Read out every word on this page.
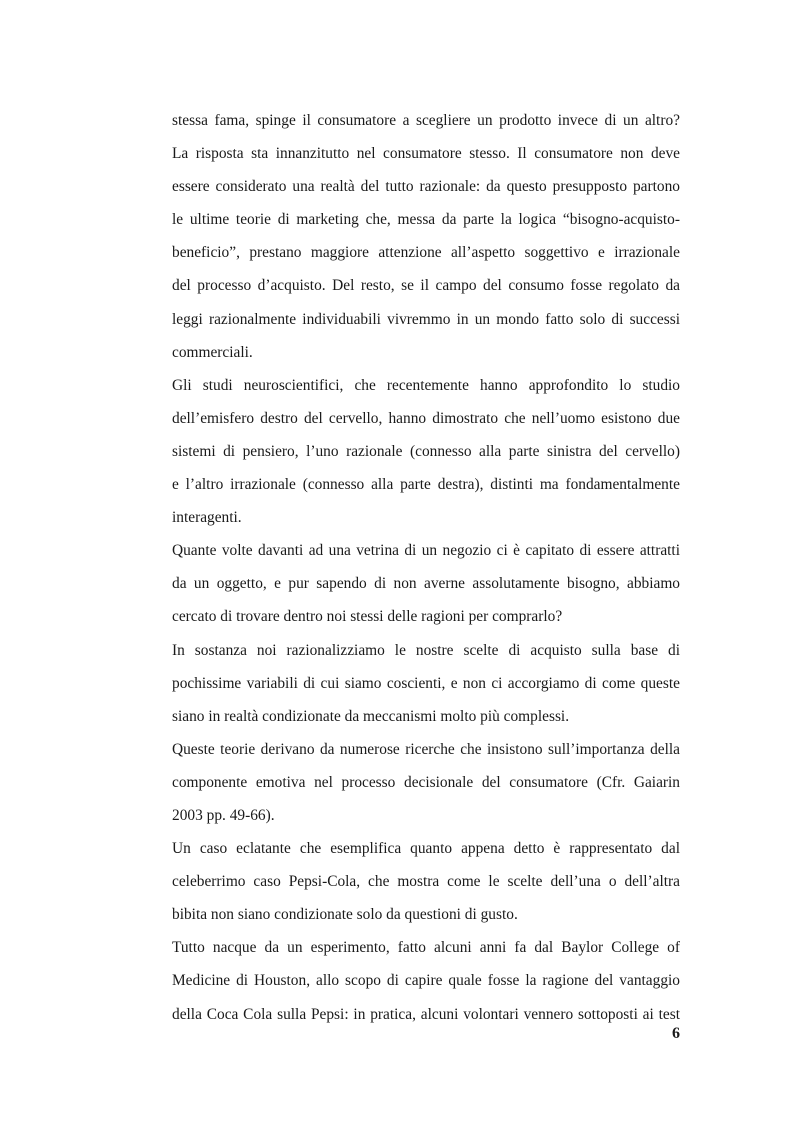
stessa fama, spinge il consumatore a scegliere un prodotto invece di un altro?
La risposta sta innanzitutto nel consumatore stesso. Il consumatore non deve
essere considerato una realtà del tutto razionale: da questo presupposto partono
le ultime teorie di marketing che, messa da parte la logica “bisogno-acquisto-
beneficio”, prestano maggiore attenzione all’aspetto soggettivo e irrazionale
del processo d’acquisto. Del resto, se il campo del consumo fosse regolato da
leggi razionalmente individuabili vivremmo in un mondo fatto solo di successi
commerciali.
Gli studi neuroscientifici, che recentemente hanno approfondito lo studio
dell’emisfero destro del cervello, hanno dimostrato che nell’uomo esistono due
sistemi di pensiero, l’uno razionale (connesso alla parte sinistra del cervello)
e l’altro irrazionale (connesso alla parte destra), distinti ma fondamentalmente
interagenti.
Quante volte davanti ad una vetrina di un negozio ci è capitato di essere attratti
da un oggetto, e pur sapendo di non averne assolutamente bisogno, abbiamo
cercato di trovare dentro noi stessi delle ragioni per comprarlo?
In sostanza noi razionalizziamo le nostre scelte di acquisto sulla base di
pochissime variabili di cui siamo coscienti, e non ci accorgiamo di come queste
siano in realtà condizionate da meccanismi molto più complessi.
Queste teorie derivano da numerose ricerche che insistono sull’importanza della
componente emotiva nel processo decisionale del consumatore (Cfr. Gaiarin
2003 pp. 49-66).
Un caso eclatante che esemplifica quanto appena detto è rappresentato dal
celeberrimo caso Pepsi-Cola, che mostra come le scelte dell’una o dell’altra
bibita non siano condizionate solo da questioni di gusto.
Tutto nacque da un esperimento, fatto alcuni anni fa dal Baylor College of
Medicine di Houston, allo scopo di capire quale fosse la ragione del vantaggio
della Coca Cola sulla Pepsi: in pratica, alcuni volontari vennero sottoposti ai test
6
